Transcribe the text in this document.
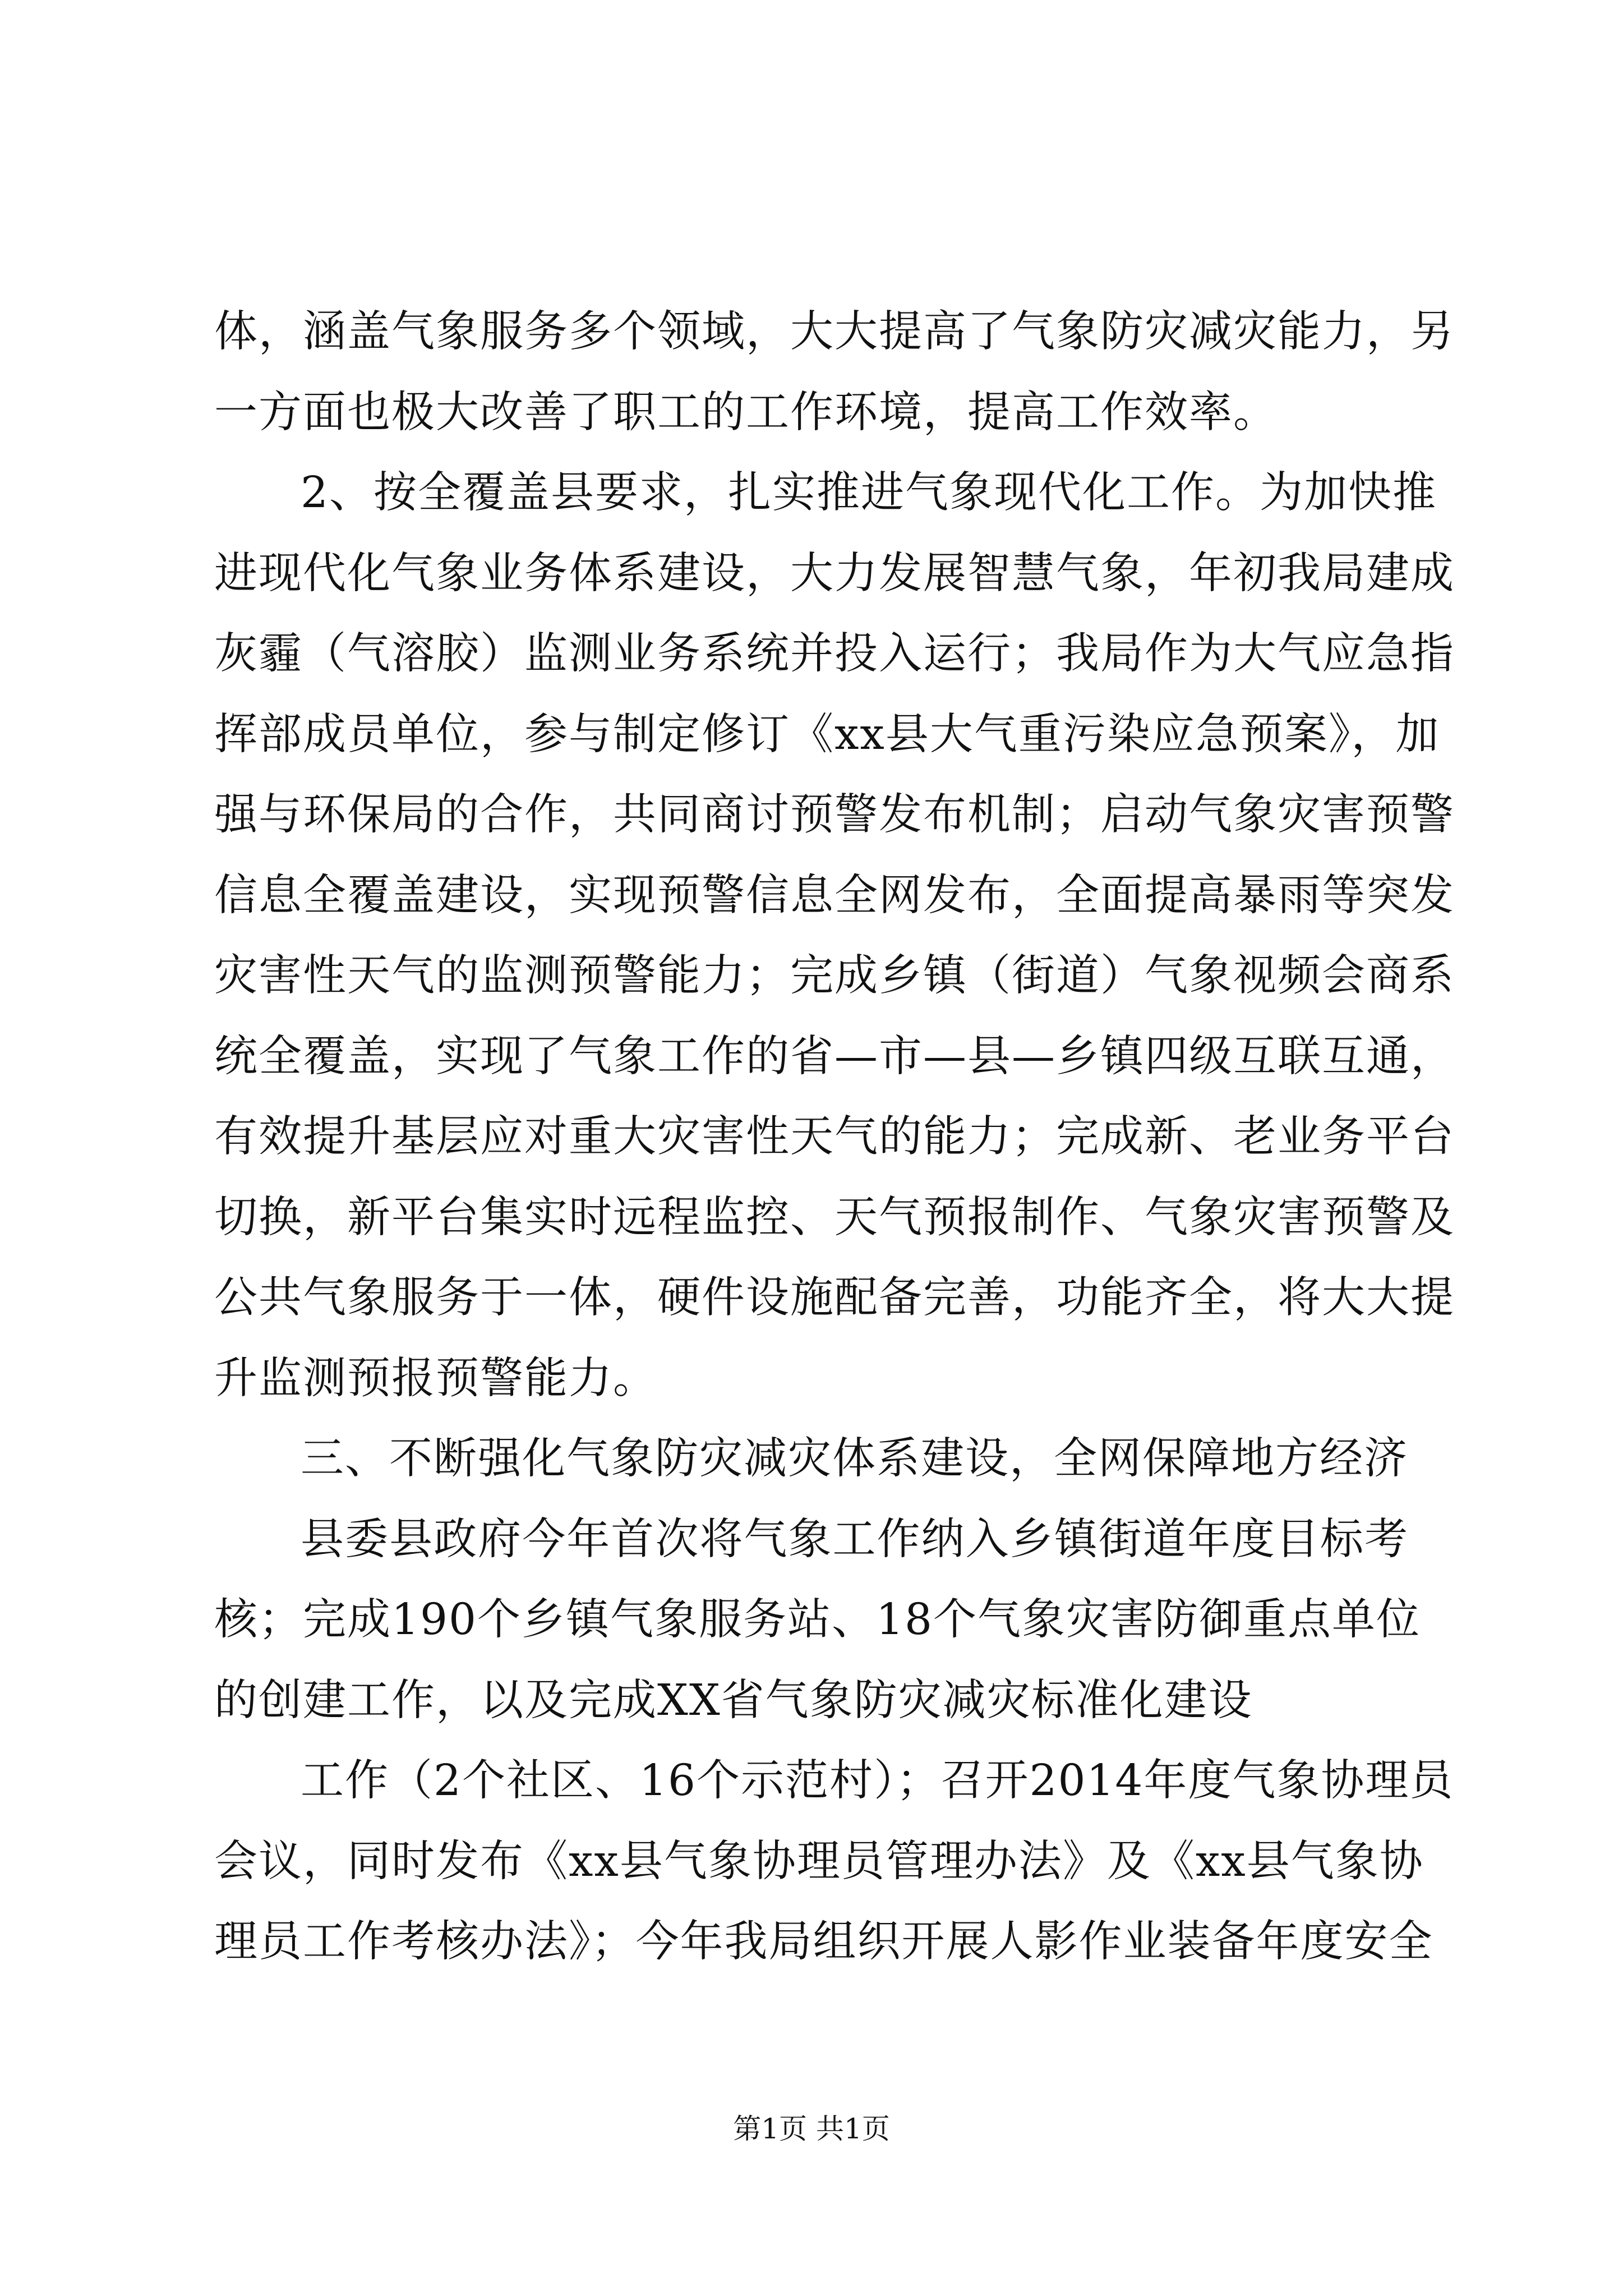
体，涵盖气象服务多个领域，大大提高了气象防灾减灾能力，另
一方面也极大改善了职工的工作环境，提高工作效率。
2、按全覆盖县要求，扎实推进气象现代化工作。为加快推
进现代化气象业务体系建设，大力发展智慧气象，年初我局建成
灰霾（气溶胶）监测业务系统并投入运行；我局作为大气应急指
挥部成员单位，参与制定修订《xx县大气重污染应急预案》，加
强与环保局的合作，共同商讨预警发布机制；启动气象灾害预警
信息全覆盖建设，实现预警信息全网发布，全面提高暴雨等突发
灾害性天气的监测预警能力；完成乡镇（街道）气象视频会商系
统全覆盖，实现了气象工作的省—市—县—乡镇四级互联互通，
有效提升基层应对重大灾害性天气的能力；完成新、老业务平台
切换，新平台集实时远程监控、天气预报制作、气象灾害预警及
公共气象服务于一体，硬件设施配备完善，功能齐全，将大大提
升监测预报预警能力。
三、不断强化气象防灾减灾体系建设，全网保障地方经济
县委县政府今年首次将气象工作纳入乡镇街道年度目标考
核；完成190个乡镇气象服务站、18个气象灾害防御重点单位
的创建工作，以及完成XX省气象防灾减灾标准化建设
工作（2个社区、16个示范村）；召开2014年度气象协理员
会议，同时发布《xx县气象协理员管理办法》及《xx县气象协
理员工作考核办法》；今年我局组织开展人影作业装备年度安全
第1页 共1页
